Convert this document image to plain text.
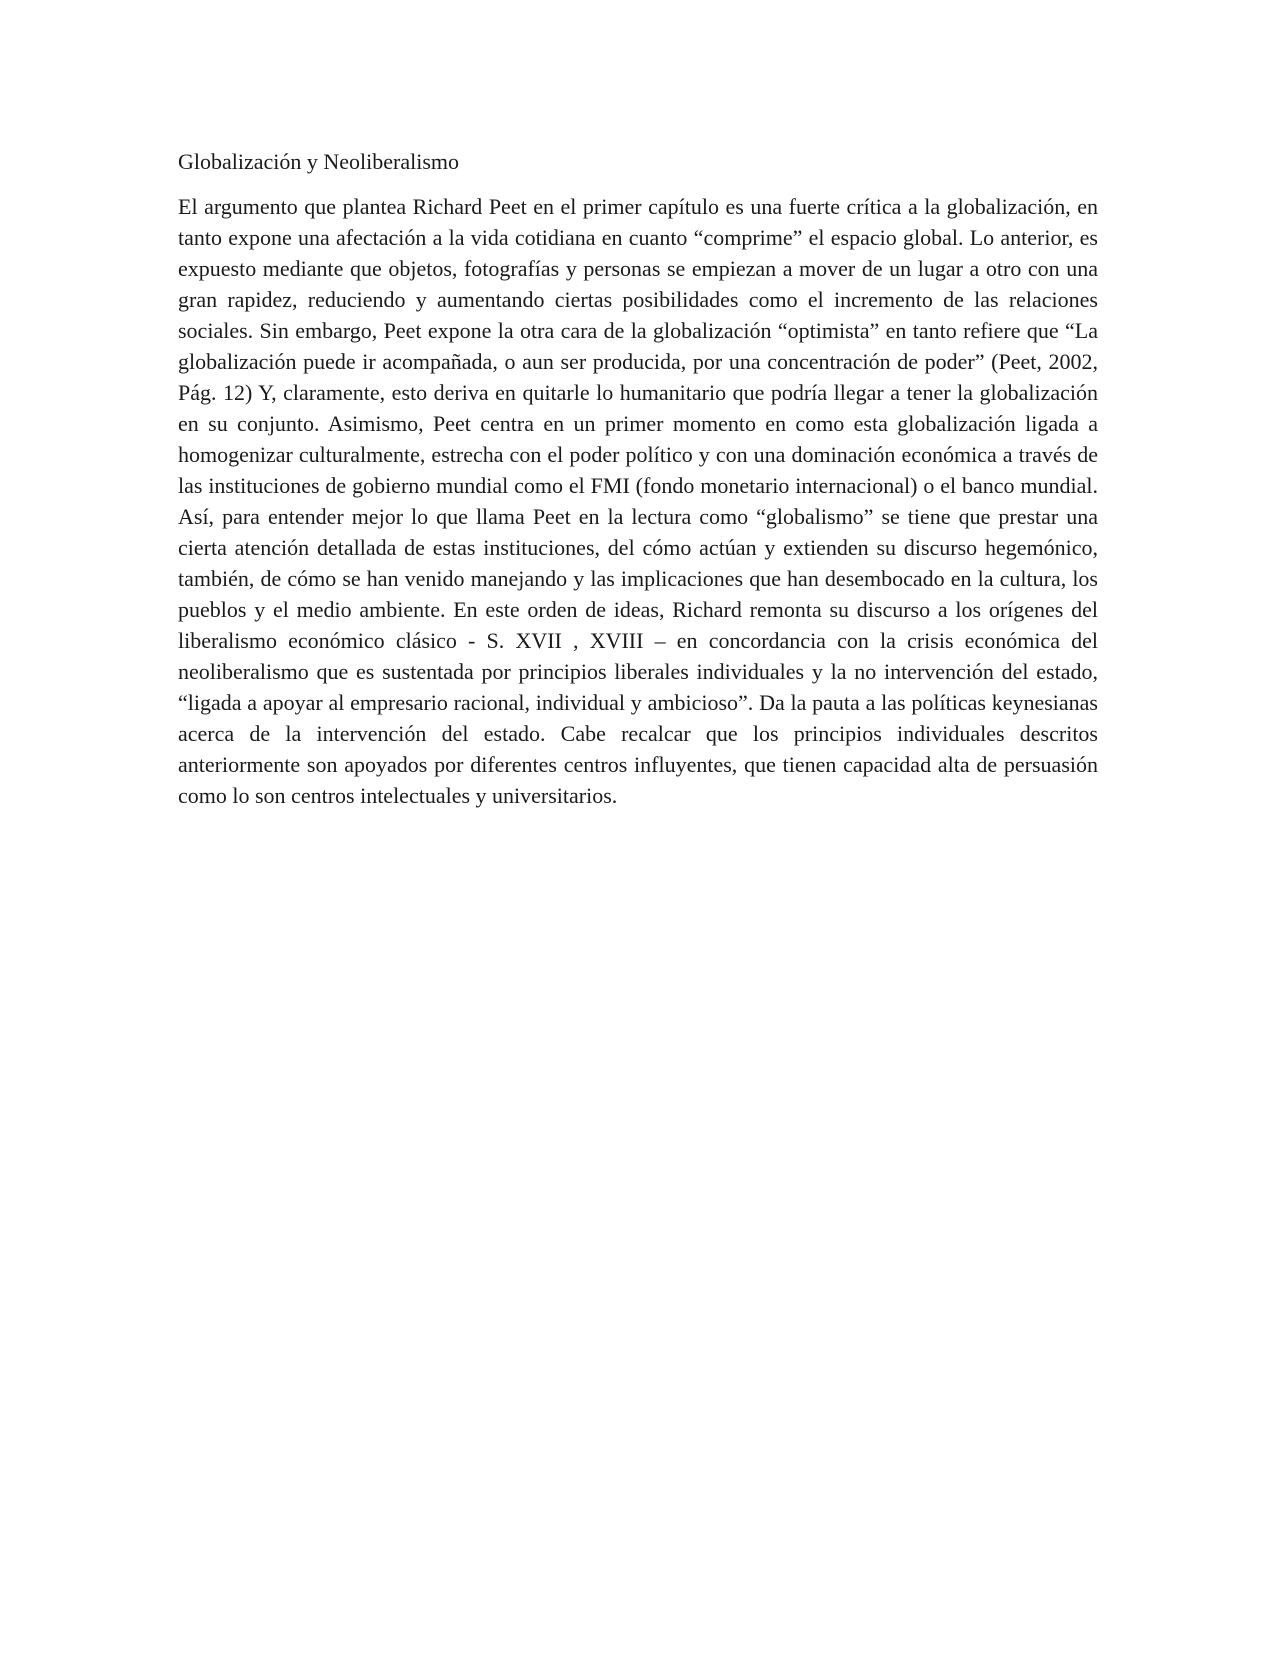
Globalización y Neoliberalismo

El argumento que plantea Richard Peet en el primer capítulo es una fuerte crítica a la globalización, en tanto expone una afectación a la vida cotidiana en cuanto “comprime” el espacio global. Lo anterior, es expuesto mediante que objetos, fotografías y personas se empiezan a mover de un lugar a otro con una gran rapidez, reduciendo y aumentando ciertas posibilidades como el incremento de las relaciones sociales. Sin embargo, Peet expone la otra cara de la globalización “optimista” en tanto refiere que “La globalización puede ir acompañada, o aun ser producida, por una concentración de poder” (Peet, 2002, Pág. 12) Y, claramente, esto deriva en quitarle lo humanitario que podría llegar a tener la globalización en su conjunto. Asimismo, Peet centra en un primer momento en como esta globalización ligada a homogenizar culturalmente, estrecha con el poder político y con una dominación económica a través de las instituciones de gobierno mundial como el FMI (fondo monetario internacional) o el banco mundial. Así, para entender mejor lo que llama Peet en la lectura como “globalismo” se tiene que prestar una cierta atención detallada de estas instituciones, del cómo actúan y extienden su discurso hegemónico, también, de cómo se han venido manejando y las implicaciones que han desembocado en la cultura, los pueblos y el medio ambiente. En este orden de ideas, Richard remonta su discurso a los orígenes del liberalismo económico clásico - S. XVII , XVIII – en concordancia con la crisis económica del neoliberalismo que es sustentada por principios liberales individuales y la no intervención del estado, “ligada a apoyar al empresario racional, individual y ambicioso”. Da la pauta a las políticas keynesianas acerca de la intervención del estado. Cabe recalcar que los principios individuales descritos anteriormente son apoyados por diferentes centros influyentes, que tienen capacidad alta de persuasión como lo son centros intelectuales y universitarios.
